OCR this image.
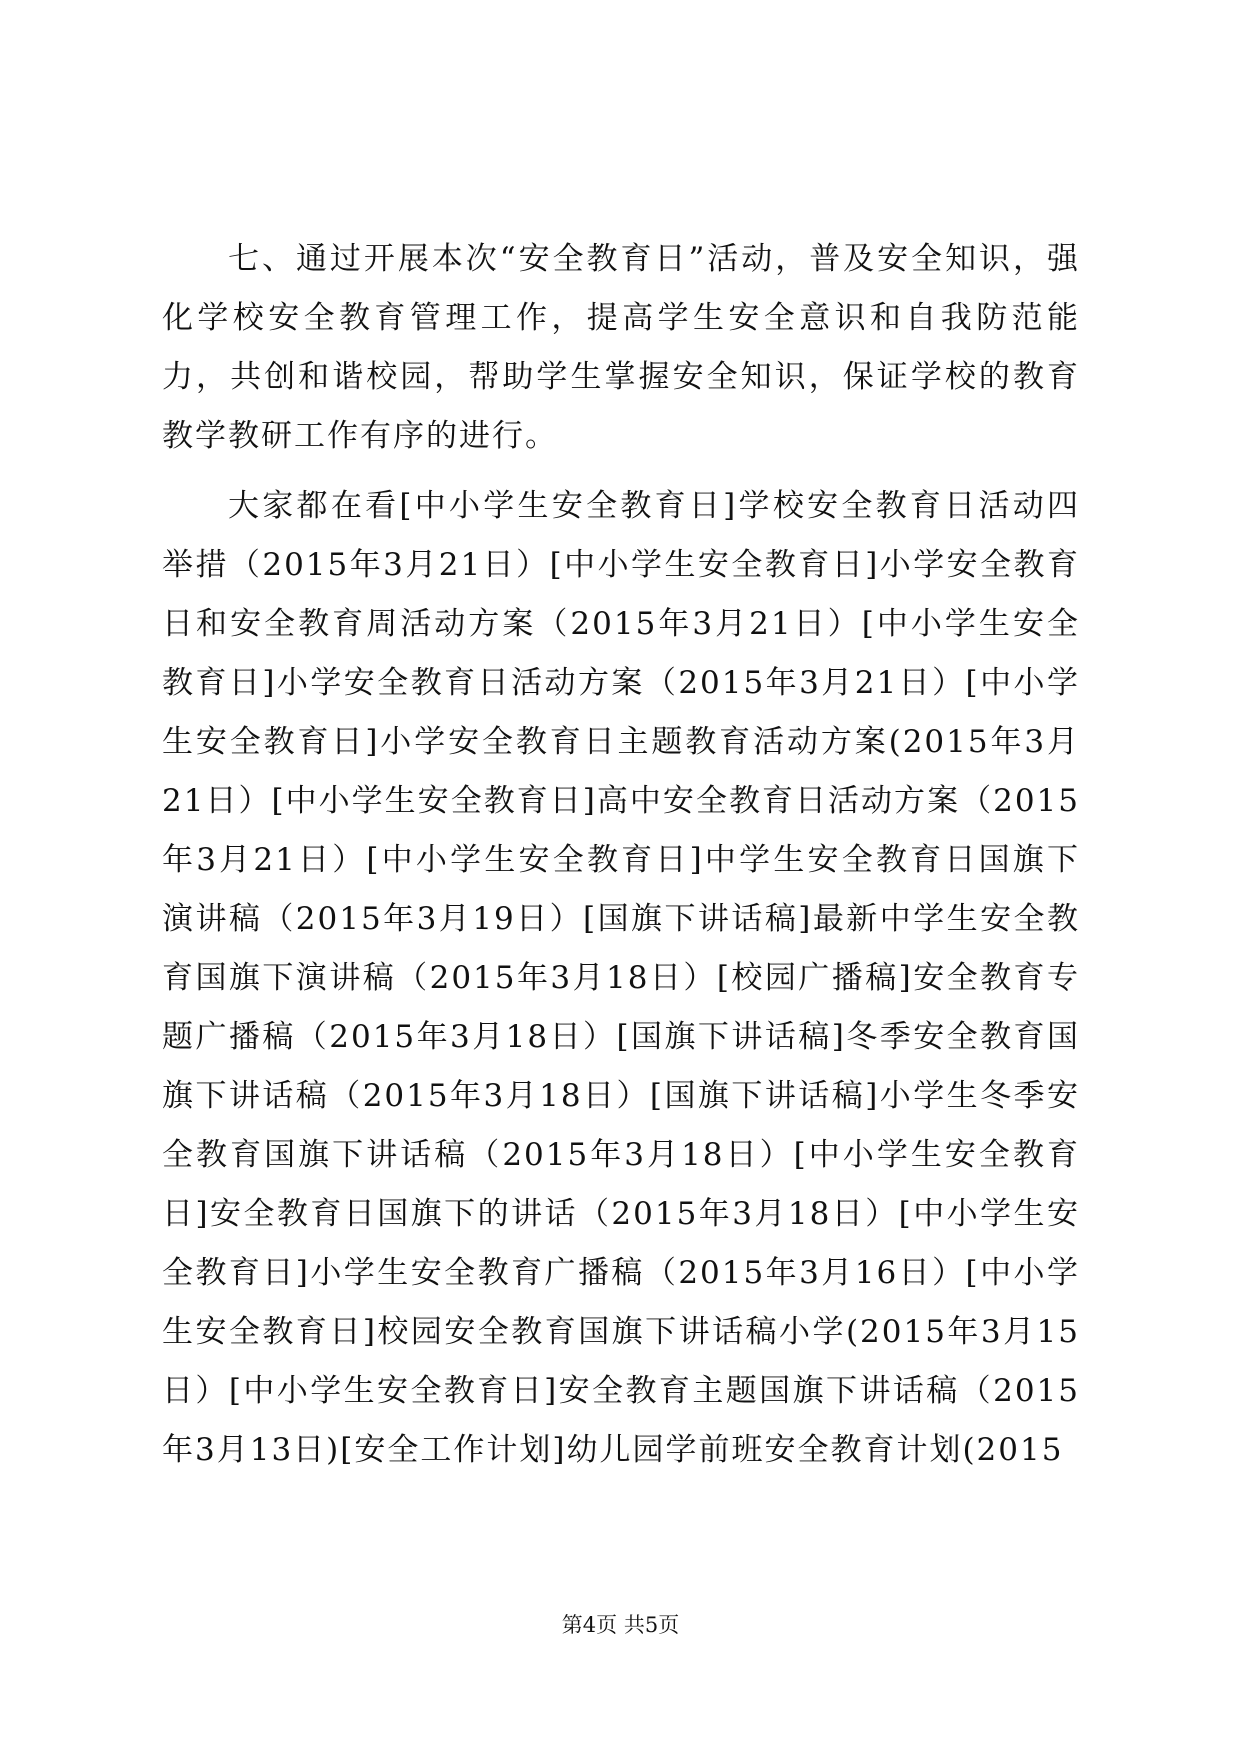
七、通过开展本次“安全教育日”活动，普及安全知识，强化学校安全教育管理工作，提高学生安全意识和自我防范能力，共创和谐校园，帮助学生掌握安全知识，保证学校的教育教学教研工作有序的进行。

大家都在看[中小学生安全教育日]学校安全教育日活动四举措（2015年3月21日）[中小学生安全教育日]小学安全教育日和安全教育周活动方案（2015年3月21日）[中小学生安全教育日]小学安全教育日活动方案（2015年3月21日）[中小学生安全教育日]小学安全教育日主题教育活动方案(2015年3月21日）[中小学生安全教育日]高中安全教育日活动方案（2015年3月21日）[中小学生安全教育日]中学生安全教育日国旗下演讲稿（2015年3月19日）[国旗下讲话稿]最新中学生安全教育国旗下演讲稿（2015年3月18日）[校园广播稿]安全教育专题广播稿（2015年3月18日）[国旗下讲话稿]冬季安全教育国旗下讲话稿（2015年3月18日）[国旗下讲话稿]小学生冬季安全教育国旗下讲话稿（2015年3月18日）[中小学生安全教育日]安全教育日国旗下的讲话（2015年3月18日）[中小学生安全教育日]小学生安全教育广播稿（2015年3月16日）[中小学生安全教育日]校园安全教育国旗下讲话稿小学(2015年3月15日）[中小学生安全教育日]安全教育主题国旗下讲话稿（2015年3月13日)[安全工作计划]幼儿园学前班安全教育计划(2015

第4页 共5页
